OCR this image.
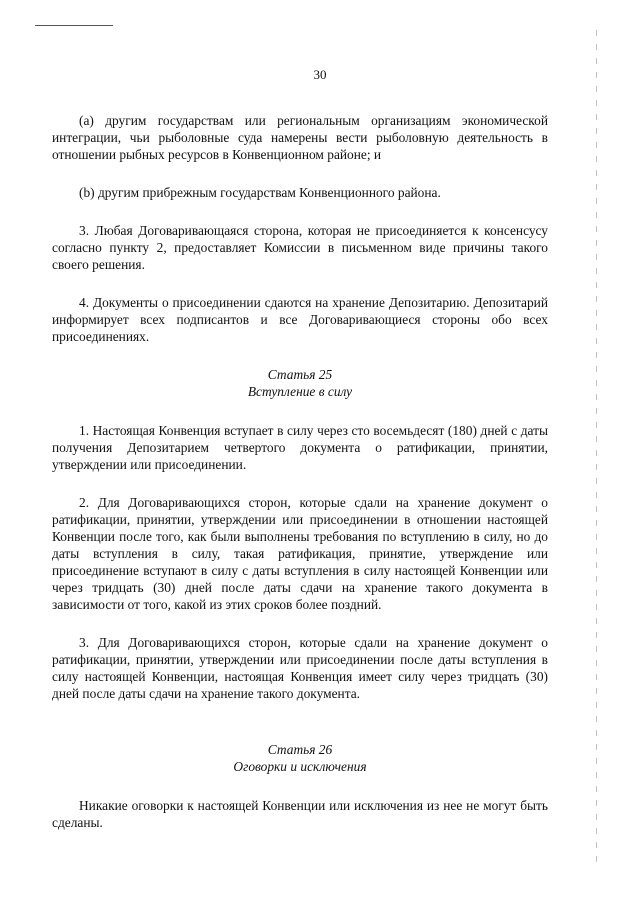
30

(a) другим государствам или региональным организациям экономической интеграции, чьи рыболовные суда намерены вести рыболовную деятельность в отношении рыбных ресурсов в Конвенционном районе; и

(b) другим прибрежным государствам Конвенционного района.

3. Любая Договаривающаяся сторона, которая не присоединяется к консенсусу согласно пункту 2, предоставляет Комиссии в письменном виде причины такого своего решения.

4. Документы о присоединении сдаются на хранение Депозитарию. Депозитарий информирует всех подписантов и все Договаривающиеся стороны обо всех присоединениях.

Статья 25

Вступление в силу

1. Настоящая Конвенция вступает в силу через сто восемьдесят (180) дней с даты получения Депозитарием четвертого документа о ратификации, принятии, утверждении или присоединении.

2. Для Договаривающихся сторон, которые сдали на хранение документ о ратификации, принятии, утверждении или присоединении в отношении настоящей Конвенции после того, как были выполнены требования по вступлению в силу, но до даты вступления в силу, такая ратификация, принятие, утверждение или присоединение вступают в силу с даты вступления в силу настоящей Конвенции или через тридцать (30) дней после даты сдачи на хранение такого документа в зависимости от того, какой из этих сроков более поздний.

3. Для Договаривающихся сторон, которые сдали на хранение документ о ратификации, принятии, утверждении или присоединении после даты вступления в силу настоящей Конвенции, настоящая Конвенция имеет силу через тридцать (30) дней после даты сдачи на хранение такого документа.

Статья 26

Оговорки и исключения

Никакие оговорки к настоящей Конвенции или исключения из нее не могут быть сделаны.
